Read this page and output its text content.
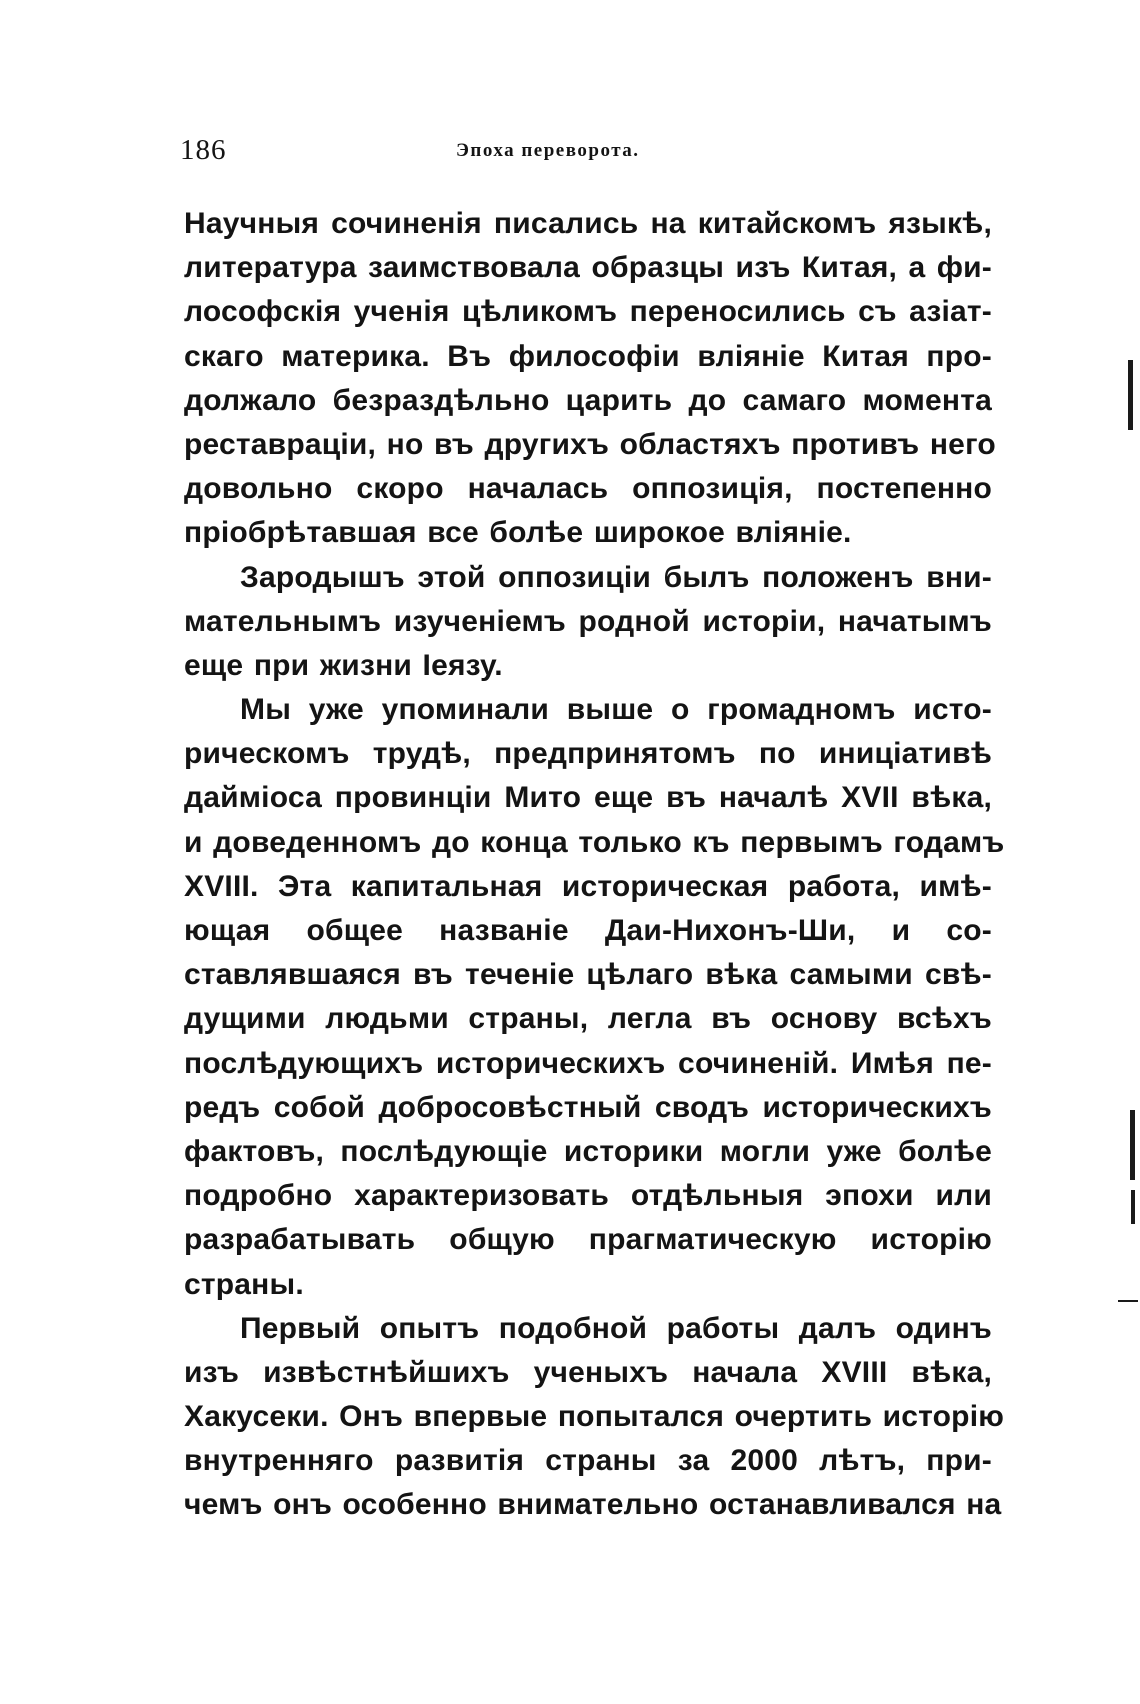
186	Эпоха переворота.
Научныя сочиненія писались на китайскомъ языкѣ,
литература заимствовала образцы изъ Китая, а фи-
лософскія ученія цѣликомъ переносились съ азіат-
скаго материка. Въ философіи вліяніе Китая про-
должало безраздѣльно царить до самаго момента
реставраціи, но въ другихъ областяхъ противъ него
довольно скоро началась оппозиція, постепенно
пріобрѣтавшая все болѣе широкое вліяніе.
Зародышъ этой оппозиціи былъ положенъ вни-
мательнымъ изученіемъ родной исторіи, начатымъ
еще при жизни Іеязу.
Мы уже упоминали выше о громадномъ исто-
рическомъ трудѣ, предпринятомъ по иниціативѣ
дайміоса провинціи Мито еще въ началѣ XVII вѣка,
и доведенномъ до конца только къ первымъ годамъ
XVIII. Эта капитальная историческая работа, имѣ-
ющая общее названіе Даи-Нихонъ-Ши, и со-
ставлявшаяся въ теченіе цѣлаго вѣка самыми свѣ-
дущими людьми страны, легла въ основу всѣхъ
послѣдующихъ историческихъ сочиненій. Имѣя пе-
редъ собой добросовѣстный сводъ историческихъ
фактовъ, послѣдующіе историки могли уже болѣе
подробно характеризовать отдѣльныя эпохи или
разрабатывать общую прагматическую исторію
страны.
Первый опытъ подобной работы далъ одинъ
изъ извѣстнѣйшихъ ученыхъ начала XVIII вѣка,
Хакусеки. Онъ впервые попытался очертить исторію
внутренняго развитія страны за 2000 лѣтъ, при-
чемъ онъ особенно внимательно останавливался на
